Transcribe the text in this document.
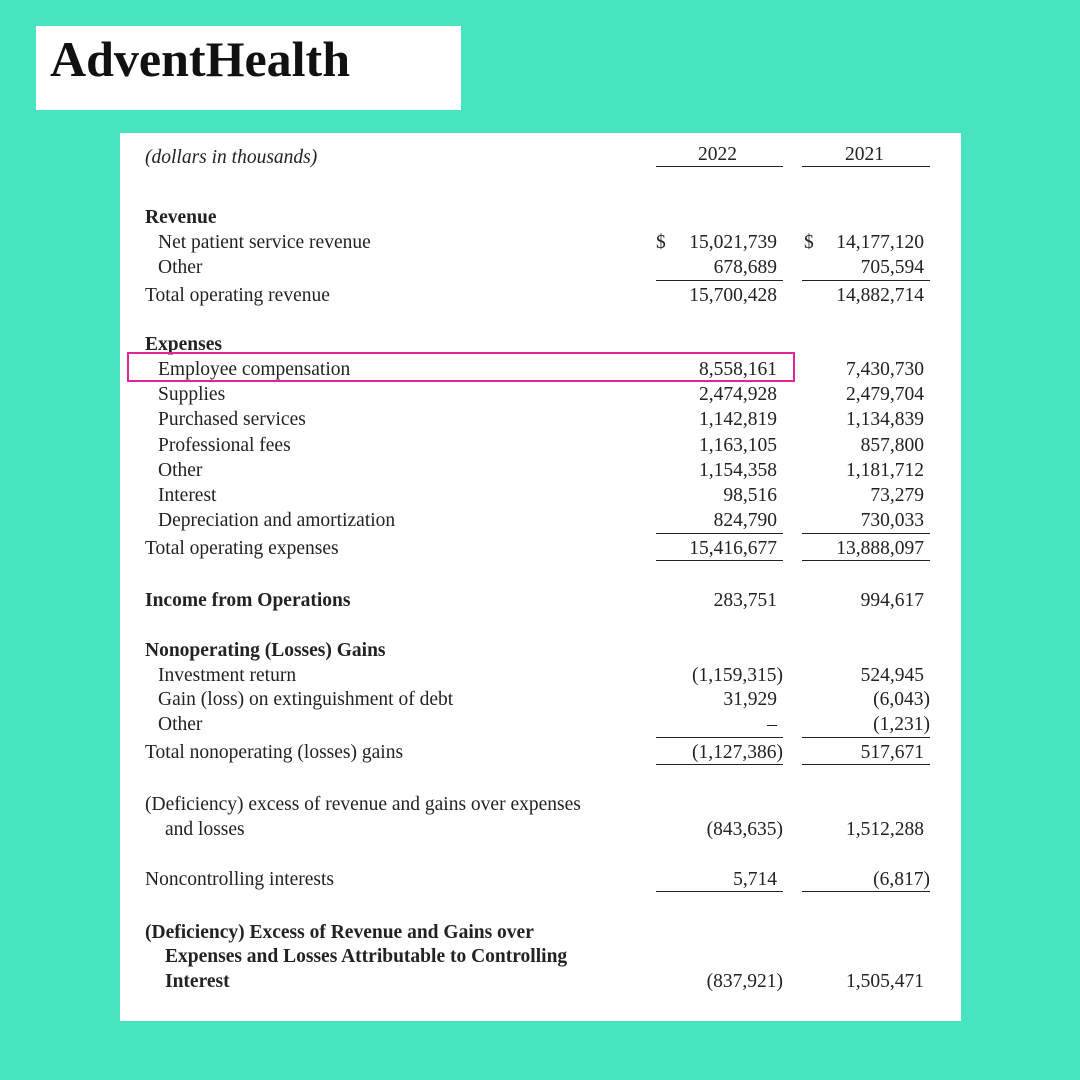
AdventHealth
(dollars in thousands)	2022	2021
Revenue
Net patient service revenue	$ 15,021,739 $ 14,177,120
Other	678,689	705,594
Total operating revenue	15,700,428	14,882,714
Expenses
Employee compensation	8,558,161	7,430,730
Supplies	2,474,928	2,479,704
Purchased services	1,142,819	1,134,839
Professional fees	1,163,105	857,800
Other	1,154,358	1,181,712
Interest	98,516	73,279
Depreciation and amortization	824,790	730,033
Total operating expenses	15,416,677	13,888,097
Income from Operations	283,751	994,617
Nonoperating (Losses) Gains
Investment return	(1,159,315)	524,945
Gain (loss) on extinguishment of debt	31,929	(6,043)
Other	–	(1,231)
Total nonoperating (losses) gains	(1,127,386)	517,671
(Deficiency) excess of revenue and gains over expenses
and losses	(843,635)	1,512,288
Noncontrolling interests	5,714	(6,817)
(Deficiency) Excess of Revenue and Gains over
Expenses and Losses Attributable to Controlling
Interest	(837,921)	1,505,471
